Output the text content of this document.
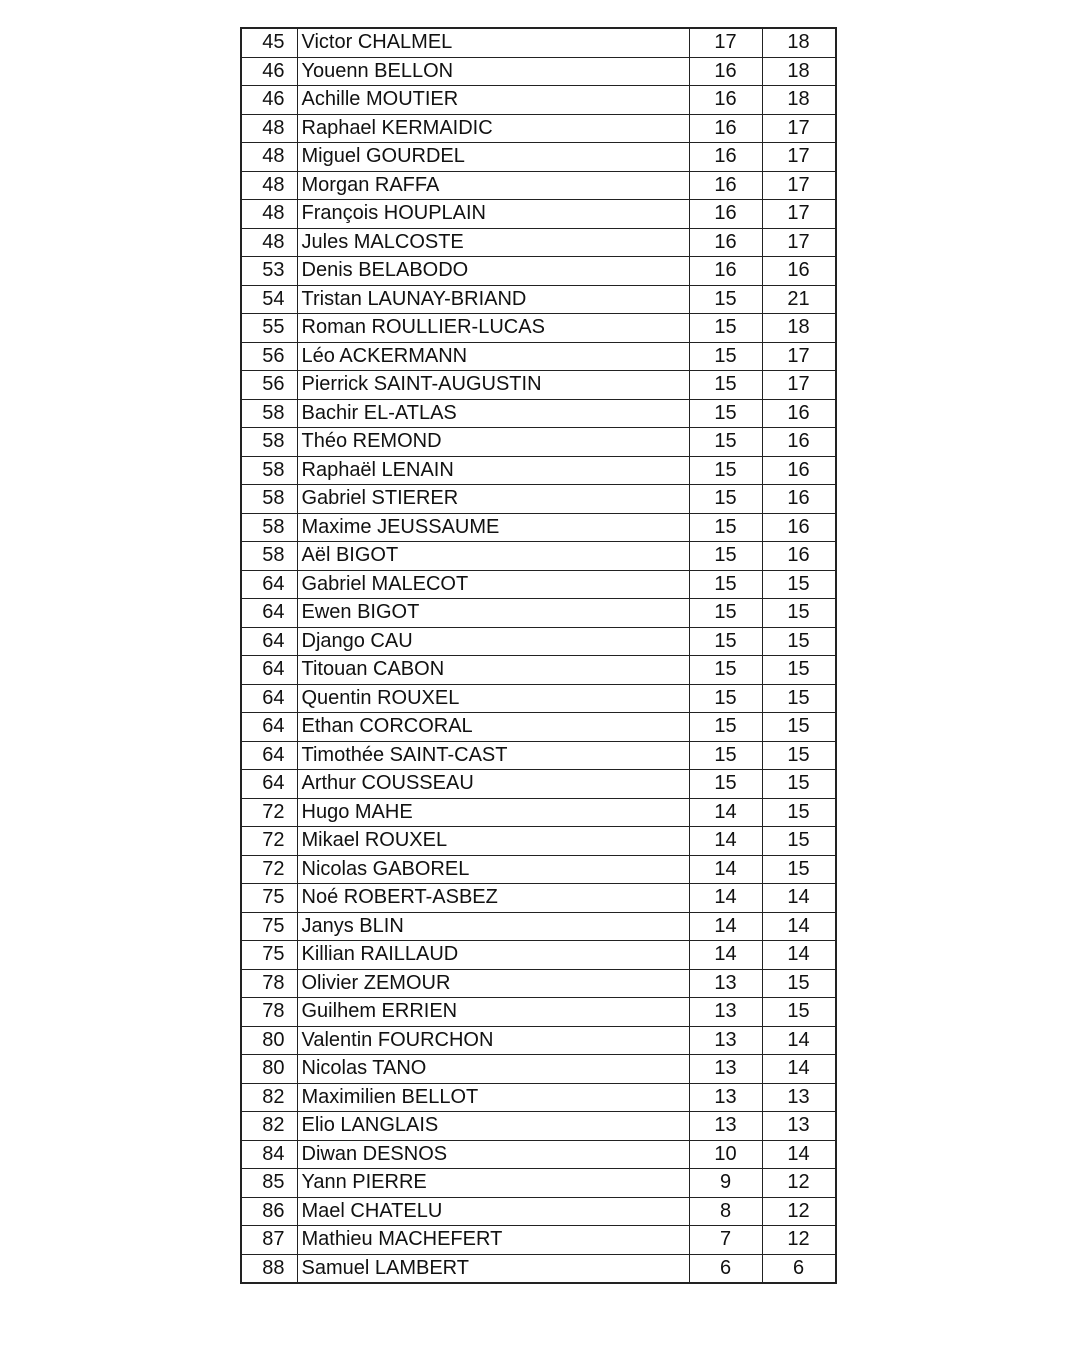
45	Victor CHALMEL	17	18
46	Youenn BELLON	16	18
46	Achille MOUTIER	16	18
48	Raphael KERMAIDIC	16	17
48	Miguel GOURDEL	16	17
48	Morgan RAFFA	16	17
48	François HOUPLAIN	16	17
48	Jules MALCOSTE	16	17
53	Denis BELABODO	16	16
54	Tristan LAUNAY-BRIAND	15	21
55	Roman ROULLIER-LUCAS	15	18
56	Léo ACKERMANN	15	17
56	Pierrick SAINT-AUGUSTIN	15	17
58	Bachir EL-ATLAS	15	16
58	Théo REMOND	15	16
58	Raphaël LENAIN	15	16
58	Gabriel STIERER	15	16
58	Maxime JEUSSAUME	15	16
58	Aël BIGOT	15	16
64	Gabriel MALECOT	15	15
64	Ewen BIGOT	15	15
64	Django CAU	15	15
64	Titouan CABON	15	15
64	Quentin ROUXEL	15	15
64	Ethan CORCORAL	15	15
64	Timothée SAINT-CAST	15	15
64	Arthur COUSSEAU	15	15
72	Hugo MAHE	14	15
72	Mikael ROUXEL	14	15
72	Nicolas GABOREL	14	15
75	Noé ROBERT-ASBEZ	14	14
75	Janys BLIN	14	14
75	Killian RAILLAUD	14	14
78	Olivier ZEMOUR	13	15
78	Guilhem ERRIEN	13	15
80	Valentin FOURCHON	13	14
80	Nicolas TANO	13	14
82	Maximilien BELLOT	13	13
82	Elio LANGLAIS	13	13
84	Diwan DESNOS	10	14
85	Yann PIERRE	9	12
86	Mael CHATELU	8	12
87	Mathieu MACHEFERT	7	12
88	Samuel LAMBERT	6	6
